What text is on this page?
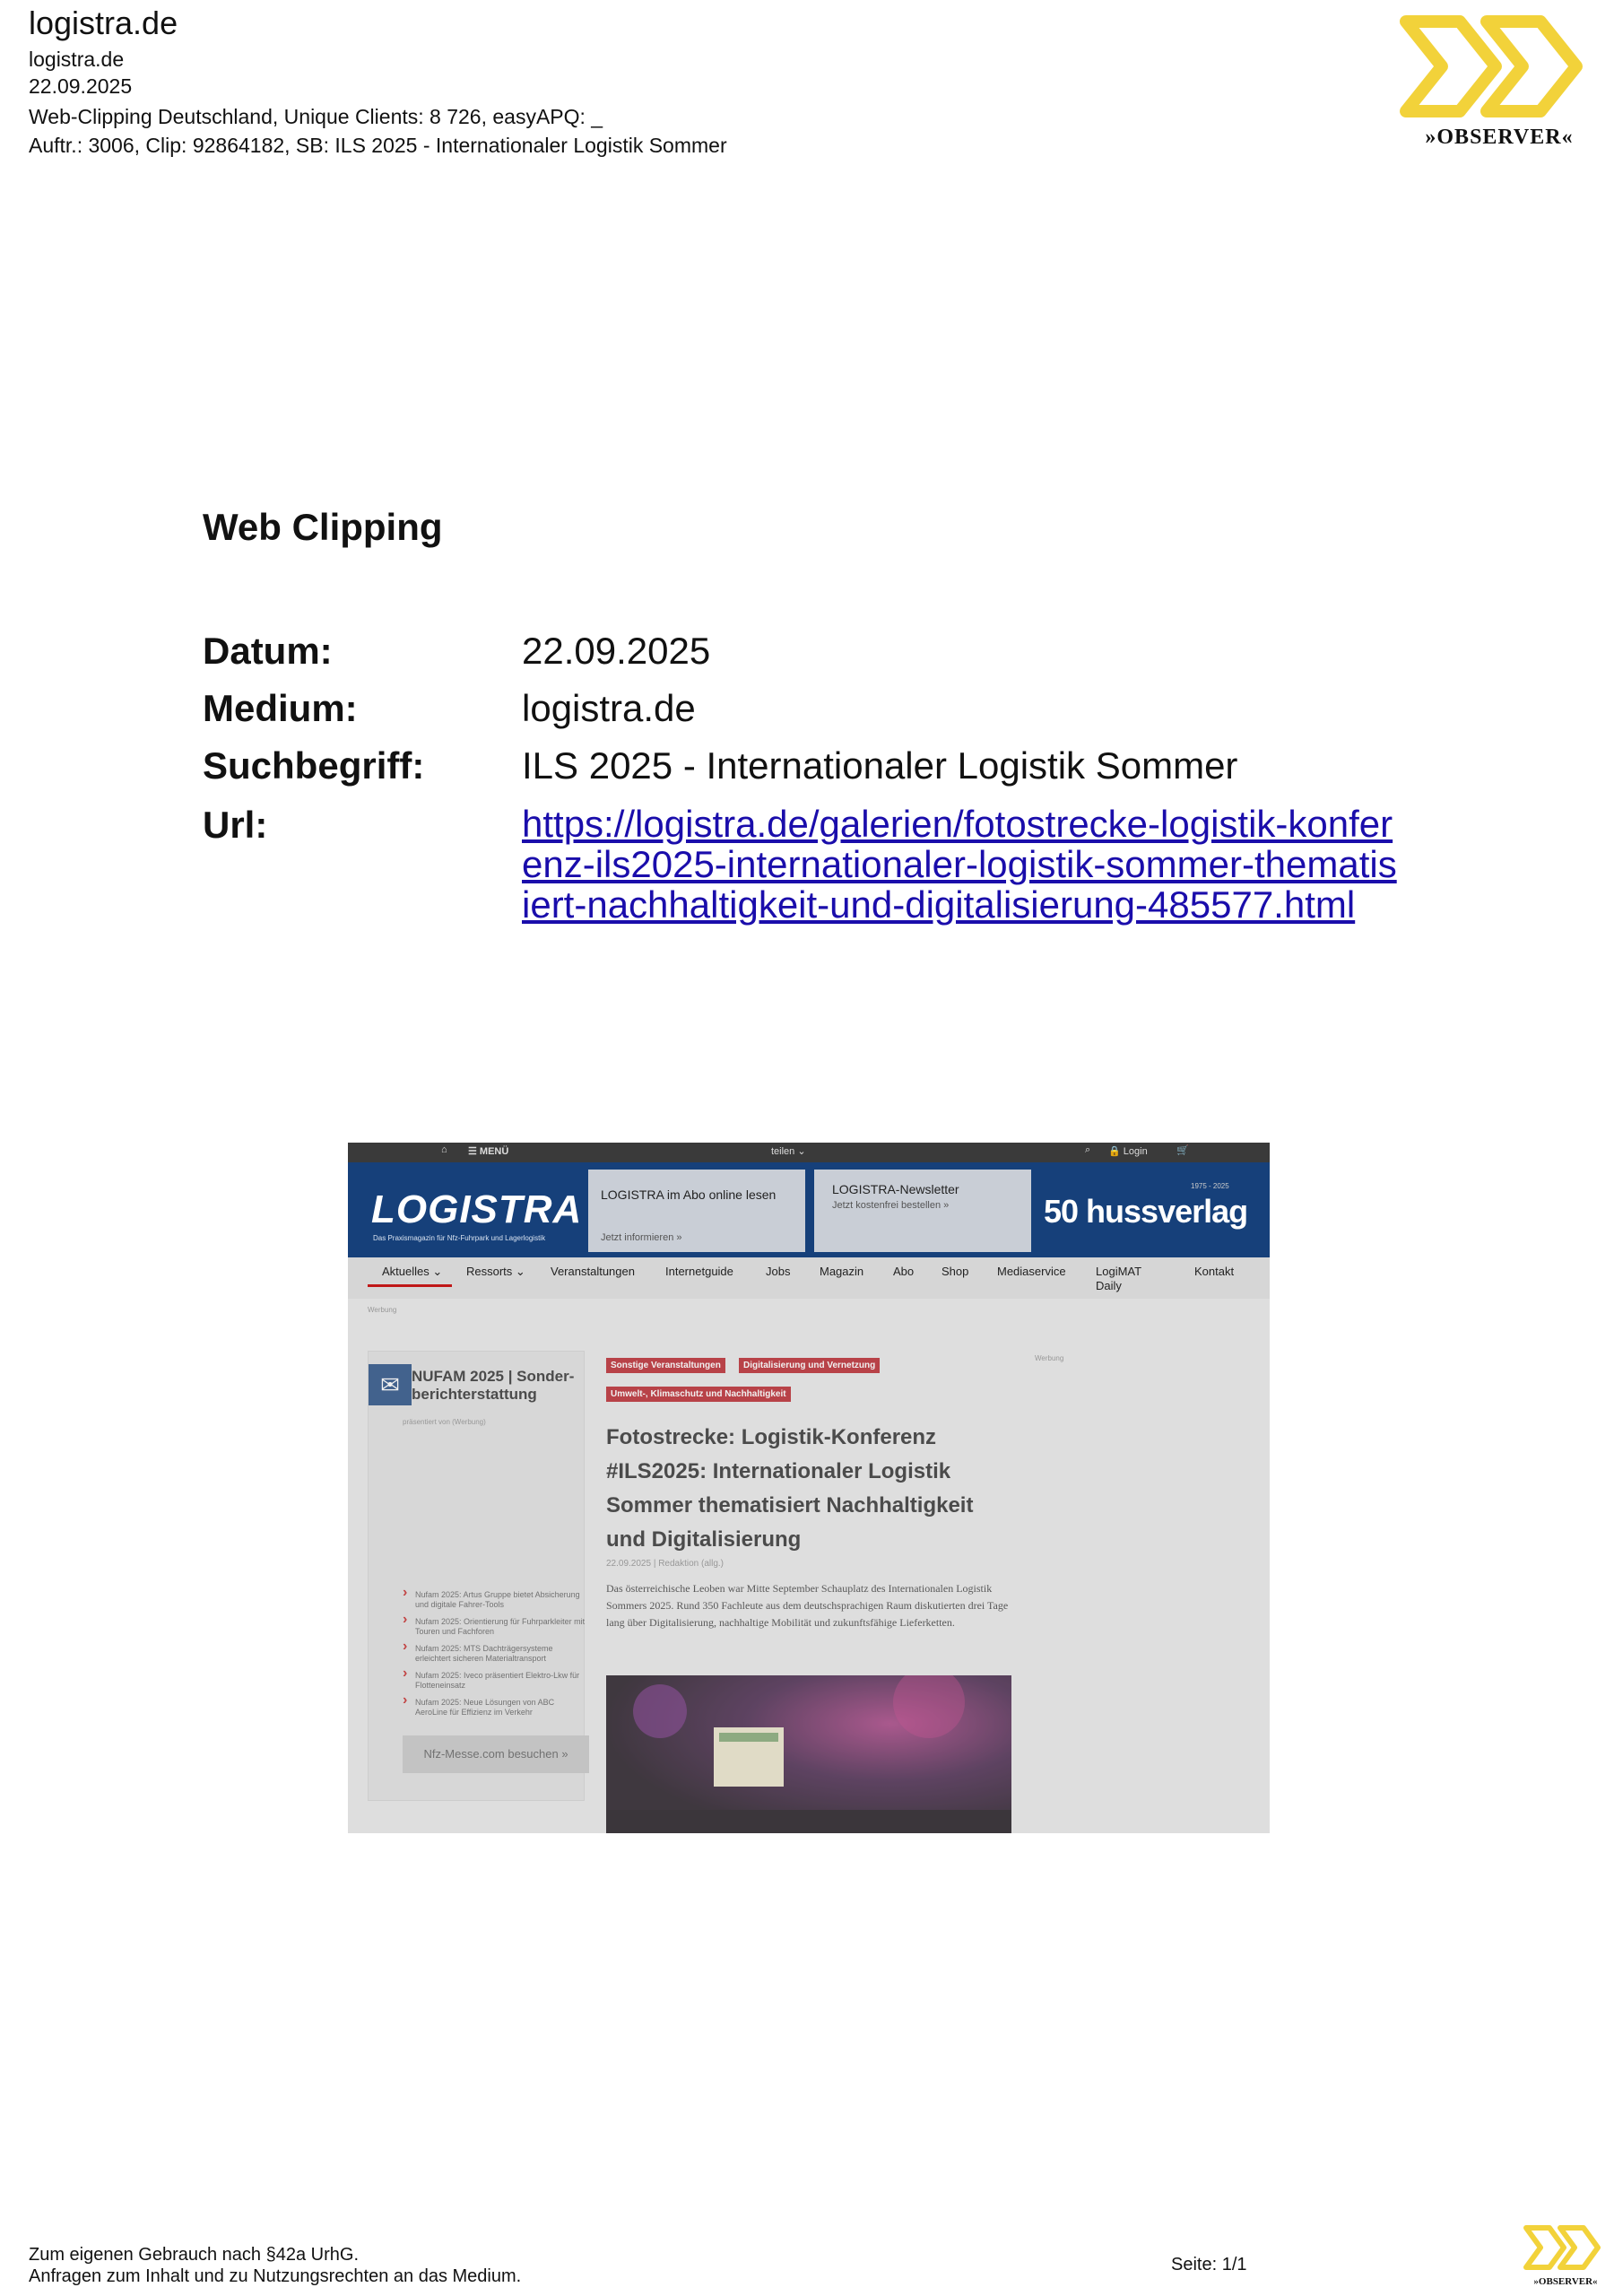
logistra.de
logistra.de
22.09.2025
Web-Clipping Deutschland, Unique Clients: 8 726, easyAPQ: _
Auftr.: 3006, Clip: 92864182, SB: ILS 2025 - Internationaler Logistik Sommer	»OBSERVER«
Web Clipping
Datum:	22.09.2025
Medium:	logistra.de
Suchbegriff:	ILS 2025 - Internationaler Logistik Sommer
Url:	https://logistra.de/galerien/fotostrecke-logistik-konferenz-ils2025-internationaler-logistik-sommer-thematisiert-nachhaltigkeit-und-digitalisierung-485577.html
⌂ ☰ MENÜ	teilen ⌄	⌕ 🔒 Login	🛒
LOGISTRA
Das Praxismagazin für Nfz-Fuhrpark und Lagerlogistik
LOGISTRA im Abo online lesen
Jetzt informieren »
LOGISTRA-Newsletter
Jetzt kostenfrei bestellen »	50 hussverlag
1975 - 2025
Aktuelles ⌄ Ressorts ⌄ Veranstaltungen	Internetguide	Jobs	Magazin	Abo Shop Mediaservice	LogiMAT Daily
Kontakt
Werbung
✉ NUFAM 2025 | Sonder-berichterstattung
präsentiert von (Werbung)
› Nufam 2025: Artus Gruppe bietet Absicherung und digitale Fahrer-Tools
› Nufam 2025: Orientierung für Fuhrparkleiter mit Touren und Fachforen
› Nufam 2025: MTS Dachträgersysteme erleichtert sicheren Materialtransport
› Nufam 2025: Iveco präsentiert Elektro-Lkw für Flotteneinsatz
› Nufam 2025: Neue Lösungen von ABC AeroLine für Effizienz im Verkehr
Nfz-Messe.com besuchen »
Sonstige Veranstaltungen	Digitalisierung und Vernetzung
Umwelt-, Klimaschutz und Nachhaltigkeit
Werbung
Fotostrecke: Logistik-Konferenz #ILS2025: Internationaler Logistik Sommer thematisiert Nachhaltigkeit und Digitalisierung
22.09.2025 | Redaktion (allg.)
Das österreichische Leoben war Mitte September Schauplatz des Internationalen Logistik Sommers 2025. Rund 350 Fachleute aus dem deutschsprachigen Raum diskutierten drei Tage lang über Digitalisierung, nachhaltige Mobilität und zukunftsfähige Lieferketten.
Zum eigenen Gebrauch nach §42a UrhG.
Anfragen zum Inhalt und zu Nutzungsrechten an das Medium.
Seite: 1/1
»OBSERVER«
